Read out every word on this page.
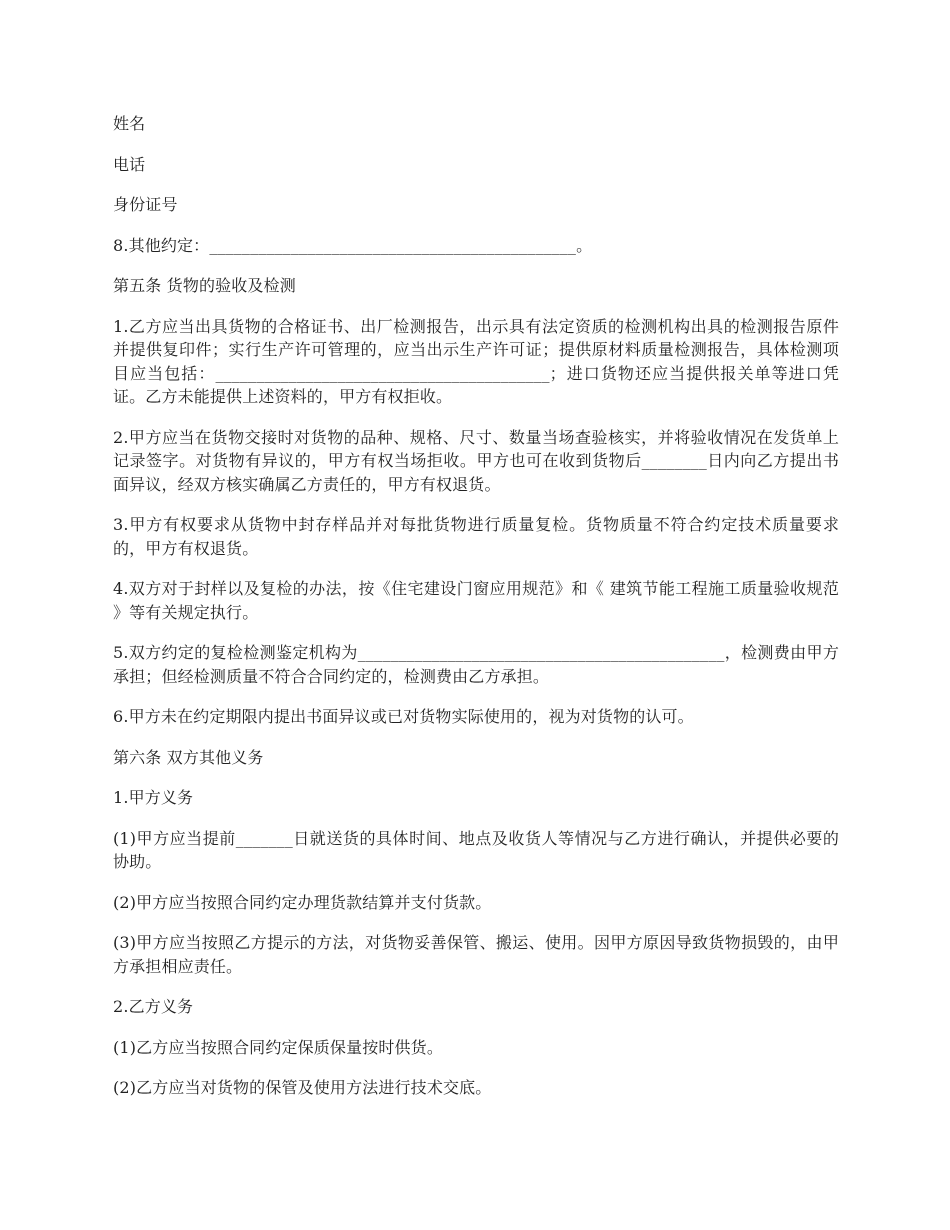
姓名

电话

身份证号

8.其他约定：_____________________________________________。

第五条 货物的验收及检测

1.乙方应当出具货物的合格证书、出厂检测报告，出示具有法定资质的检测机构出具的检测报告原件并提供复印件；实行生产许可管理的，应当出示生产许可证；提供原材料质量检测报告，具体检测项目应当包括：_________________________________________；进口货物还应当提供报关单等进口凭证。乙方未能提供上述资料的，甲方有权拒收。

2.甲方应当在货物交接时对货物的品种、规格、尺寸、数量当场查验核实，并将验收情况在发货单上记录签字。对货物有异议的，甲方有权当场拒收。甲方也可在收到货物后________日内向乙方提出书面异议，经双方核实确属乙方责任的，甲方有权退货。

3.甲方有权要求从货物中封存样品并对每批货物进行质量复检。货物质量不符合约定技术质量要求的，甲方有权退货。

4.双方对于封样以及复检的办法，按《住宅建设门窗应用规范》和《 建筑节能工程施工质量验收规范 》等有关规定执行。

5.双方约定的复检检测鉴定机构为_____________________________________________，检测费由甲方承担；但经检测质量不符合合同约定的，检测费由乙方承担。

6.甲方未在约定期限内提出书面异议或已对货物实际使用的，视为对货物的认可。

第六条 双方其他义务

1.甲方义务

(1)甲方应当提前_______日就送货的具体时间、地点及收货人等情况与乙方进行确认，并提供必要的协助。

(2)甲方应当按照合同约定办理货款结算并支付货款。

(3)甲方应当按照乙方提示的方法，对货物妥善保管、搬运、使用。因甲方原因导致货物损毁的，由甲方承担相应责任。

2.乙方义务

(1)乙方应当按照合同约定保质保量按时供货。

(2)乙方应当对货物的保管及使用方法进行技术交底。
